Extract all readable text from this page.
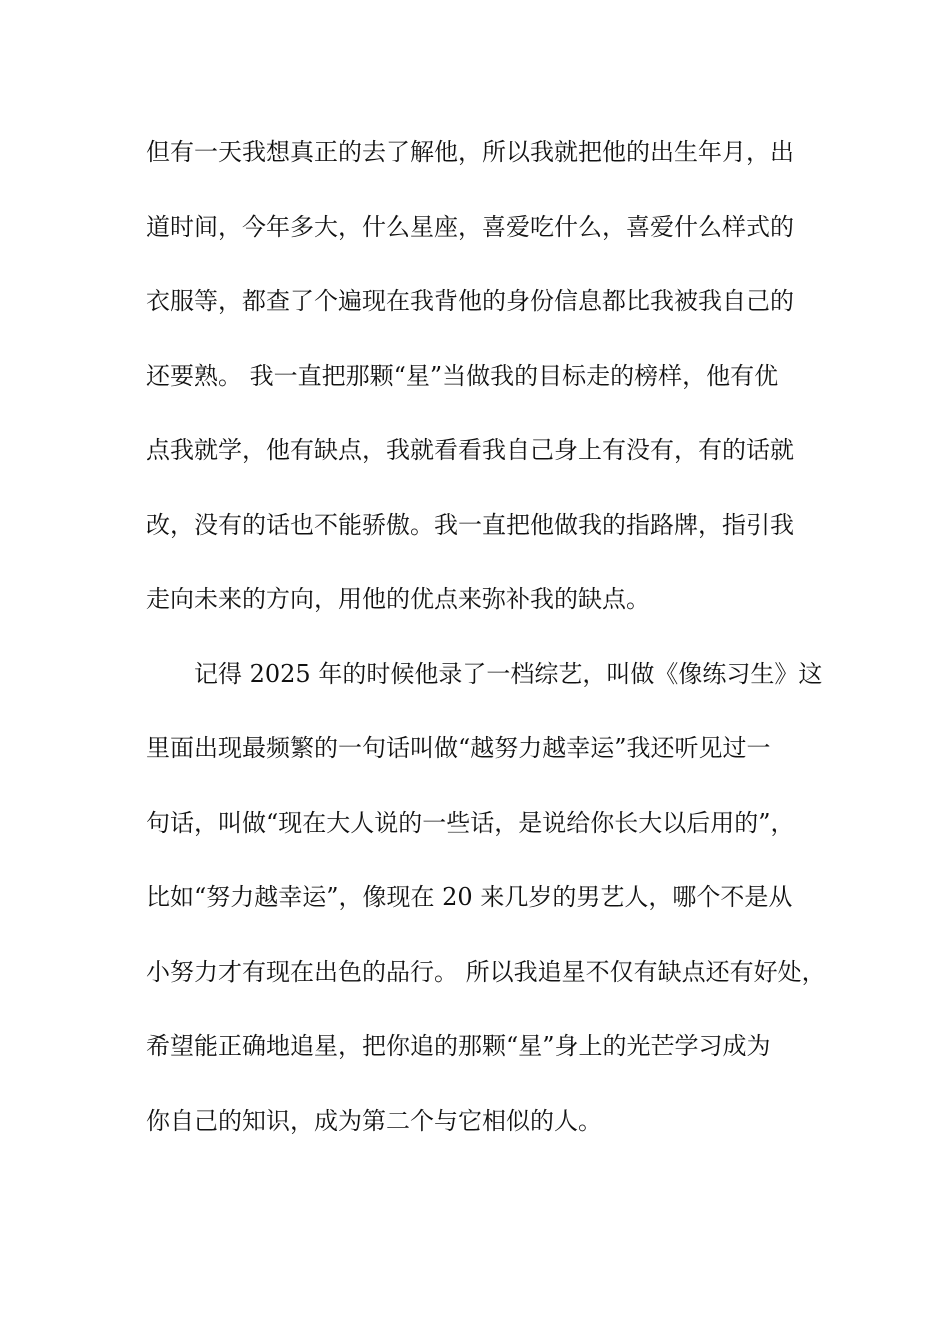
但有一天我想真正的去了解他，所以我就把他的出生年月，出
道时间，今年多大，什么星座，喜爱吃什么，喜爱什么样式的
衣服等，都查了个遍现在我背他的身份信息都比我被我自己的
还要熟。 我一直把那颗“星”当做我的目标走的榜样，他有优
点我就学，他有缺点，我就看看我自己身上有没有，有的话就
改，没有的话也不能骄傲。我一直把他做我的指路牌，指引我
走向未来的方向，用他的优点来弥补我的缺点。
记得 2025 年的时候他录了一档综艺，叫做《像练习生》这
里面出现最频繁的一句话叫做“越努力越幸运”我还听见过一
句话，叫做“现在大人说的一些话，是说给你长大以后用的”，
比如“努力越幸运”，像现在 20 来几岁的男艺人，哪个不是从
小努力才有现在出色的品行。 所以我追星不仅有缺点还有好处，
希望能正确地追星，把你追的那颗“星”身上的光芒学习成为
你自己的知识，成为第二个与它相似的人。
